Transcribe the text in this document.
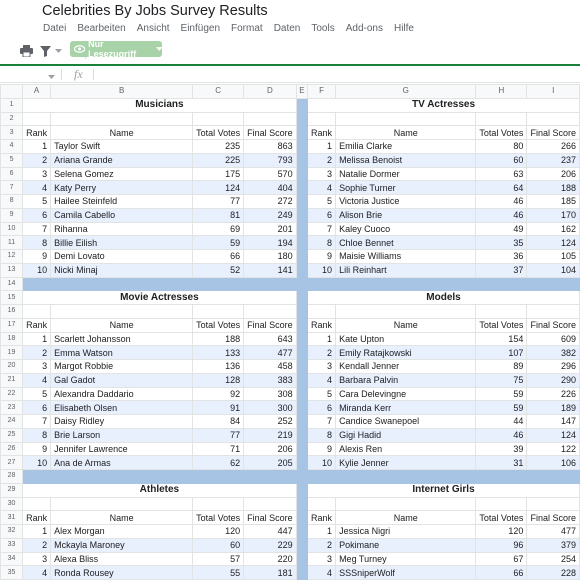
Celebrities By Jobs Survey Results
Datei Bearbeiten Ansicht Einfügen Format Daten Tools Add-ons Hilfe
Nur Lesezugriff
fx
	A	B	C	D	E	F	G	H	I
1	Musicians					TV Actresses			
2									
3	Rank	Name	Total Votes	Final Score		Rank	Name	Total Votes	Final Score
4	1	Taylor Swift	235	863		1	Emilia Clarke	80	266
5	2	Ariana Grande	225	793		2	Melissa Benoist	60	237
6	3	Selena Gomez	175	570		3	Natalie Dormer	63	206
7	4	Katy Perry	124	404		4	Sophie Turner	64	188
8	5	Hailee Steinfeld	77	272		5	Victoria Justice	46	185
9	6	Camila Cabello	81	249		6	Alison Brie	46	170
10	7	Rihanna	69	201		7	Kaley Cuoco	49	162
11	8	Billie Eilish	59	194		8	Chloe Bennet	35	124
12	9	Demi Lovato	66	180		9	Maisie Williams	36	105
13	10	Nicki Minaj	52	141		10	Lili Reinhart	37	104
14									
15	Movie Actresses					Models			
16									
17	Rank	Name	Total Votes	Final Score		Rank	Name	Total Votes	Final Score
18	1	Scarlett Johansson	188	643		1	Kate Upton	154	609
19	2	Emma Watson	133	477		2	Emily Ratajkowski	107	382
20	3	Margot Robbie	136	458		3	Kendall Jenner	89	296
21	4	Gal Gadot	128	383		4	Barbara Palvin	75	290
22	5	Alexandra Daddario	92	308		5	Cara Delevingne	59	226
23	6	Elisabeth Olsen	91	300		6	Miranda Kerr	59	189
24	7	Daisy Ridley	84	252		7	Candice Swanepoel	44	147
25	8	Brie Larson	77	219		8	Gigi Hadid	46	124
26	9	Jennifer Lawrence	71	206		9	Alexis Ren	39	122
27	10	Ana de Armas	62	205		10	Kylie Jenner	31	106
28									
29	Athletes					Internet Girls			
30									
31	Rank	Name	Total Votes	Final Score		Rank	Name	Total Votes	Final Score
32	1	Alex Morgan	120	447		1	Jessica Nigri	120	477
33	2	Mckayla Maroney	60	229		2	Pokimane	96	379
34	3	Alexa Bliss	57	220		3	Meg Turney	67	254
35	4	Ronda Rousey	55	181		4	SSSniperWolf	66	228
